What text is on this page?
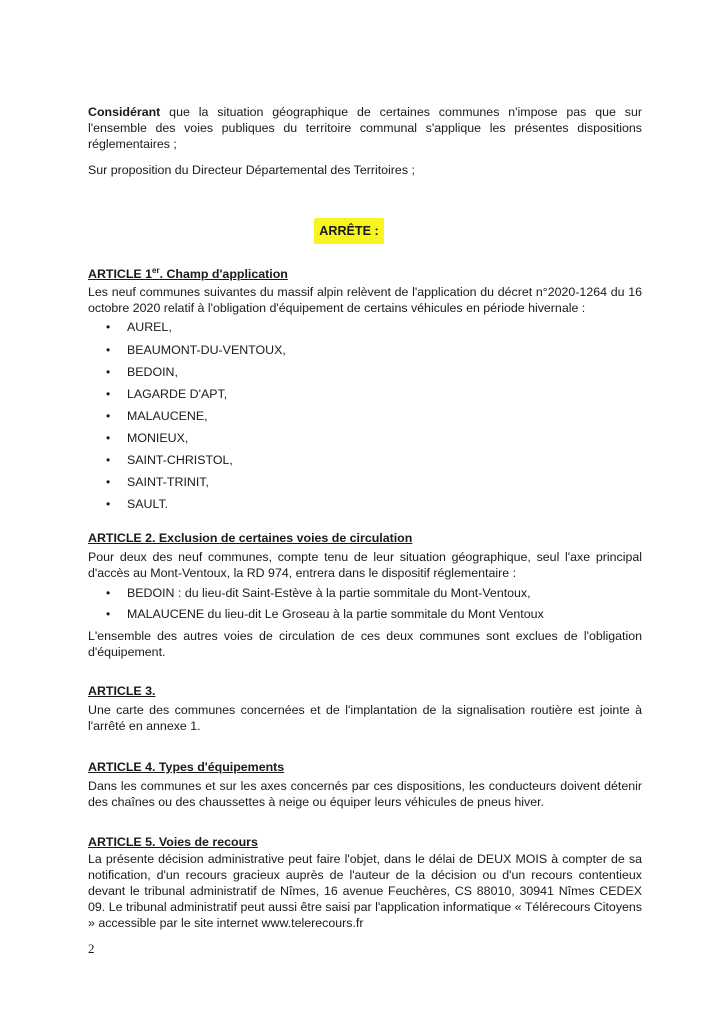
Considérant que la situation géographique de certaines communes n'impose pas que sur l'ensemble des voies publiques du territoire communal s'applique les présentes dispositions réglementaires ;
Sur proposition du Directeur Départemental des Territoires ;
ARRÊTE :
ARTICLE 1er. Champ d'application
Les neuf communes suivantes du massif alpin relèvent de l'application du décret n°2020-1264 du 16 octobre 2020 relatif à l'obligation d'équipement de certains véhicules en période hivernale :
• AUREL,
• BEAUMONT-DU-VENTOUX,
• BEDOIN,
• LAGARDE D'APT,
• MALAUCENE,
• MONIEUX,
• SAINT-CHRISTOL,
• SAINT-TRINIT,
• SAULT.
ARTICLE 2. Exclusion de certaines voies de circulation
Pour deux des neuf communes, compte tenu de leur situation géographique, seul l'axe principal d'accès au Mont-Ventoux, la RD 974, entrera dans le dispositif réglementaire :
• BEDOIN : du lieu-dit Saint-Estève à la partie sommitale du Mont-Ventoux,
• MALAUCENE du lieu-dit Le Groseau à la partie sommitale du Mont Ventoux
L'ensemble des autres voies de circulation de ces deux communes sont exclues de l'obligation d'équipement.
ARTICLE 3.
Une carte des communes concernées et de l'implantation de la signalisation routière est jointe à l'arrêté en annexe 1.
ARTICLE 4. Types d'équipements
Dans les communes et sur les axes concernés par ces dispositions, les conducteurs doivent détenir des chaînes ou des chaussettes à neige ou équiper leurs véhicules de pneus hiver.
ARTICLE 5. Voies de recours
La présente décision administrative peut faire l'objet, dans le délai de DEUX MOIS à compter de sa notification, d'un recours gracieux auprès de l'auteur de la décision ou d'un recours contentieux devant le tribunal administratif de Nîmes, 16 avenue Feuchères, CS 88010, 30941 Nîmes CEDEX 09. Le tribunal administratif peut aussi être saisi par l'application informatique « Télérecours Citoyens » accessible par le site internet www.telerecours.fr
2
